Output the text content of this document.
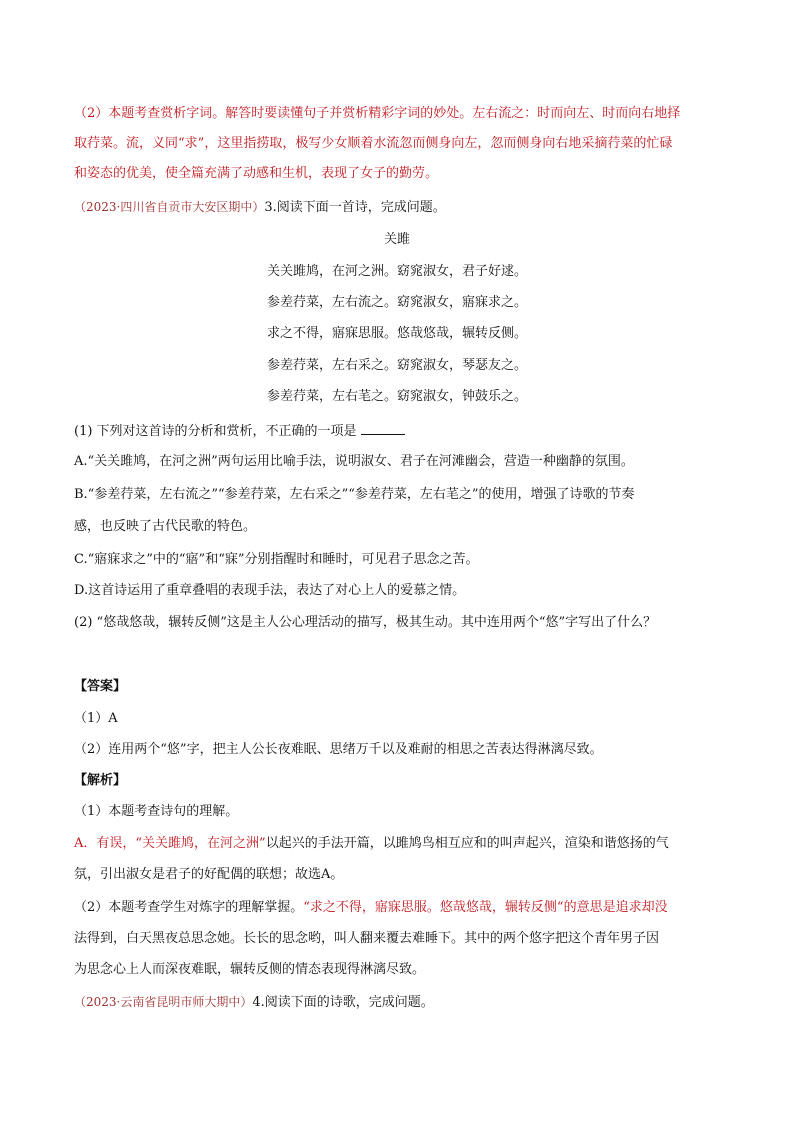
（2）本题考查赏析字词。解答时要读懂句子并赏析精彩字词的妙处。左右流之：时而向左、时而向右地择
取荇菜。流，义同“求”，这里指捞取，极写少女顺着水流忽而侧身向左，忽而侧身向右地采摘荇菜的忙碌
和姿态的优美，使全篇充满了动感和生机，表现了女子的勤劳。
（2023·四川省自贡市大安区期中）3.阅读下面一首诗，完成问题。
关雎
关关雎鸠，在河之洲。窈窕淑女，君子好逑。
参差荇菜，左右流之。窈窕淑女，寤寐求之。
求之不得，寤寐思服。悠哉悠哉，辗转反侧。
参差荇菜，左右采之。窈窕淑女，琴瑟友之。
参差荇菜，左右芼之。窈窕淑女，钟鼓乐之。
(1) 下列对这首诗的分析和赏析，不正确的一项是
A.“关关雎鸠，在河之洲”两句运用比喻手法，说明淑女、君子在河滩幽会，营造一种幽静的氛围。
B.“参差荇菜，左右流之”“参差荇菜，左右采之”“参差荇菜，左右芼之”的使用，增强了诗歌的节奏
感，也反映了古代民歌的特色。
C.“寤寐求之”中的“寤”和“寐”分别指醒时和睡时，可见君子思念之苦。
D.这首诗运用了重章叠唱的表现手法，表达了对心上人的爱慕之情。
(2) “悠哉悠哉，辗转反侧”这是主人公心理活动的描写，极其生动。其中连用两个“悠”字写出了什么？
【答案】
（1）A
（2）连用两个“悠”字，把主人公长夜难眠、思绪万千以及难耐的相思之苦表达得淋漓尽致。
【解析】
（1）本题考查诗句的理解。
A．有误，“关关雎鸠，在河之洲”以起兴的手法开篇，以雎鸠鸟相互应和的叫声起兴，渲染和谐悠扬的气
氛，引出淑女是君子的好配偶的联想；故选A。
（2）本题考查学生对炼字的理解掌握。“求之不得，寤寐思服。悠哉悠哉，辗转反侧“的意思是追求却没
法得到，白天黑夜总思念她。长长的思念哟，叫人翻来覆去难睡下。其中的两个悠字把这个青年男子因
为思念心上人而深夜难眠，辗转反侧的情态表现得淋漓尽致。
（2023·云南省昆明市师大期中）4.阅读下面的诗歌，完成问题。
